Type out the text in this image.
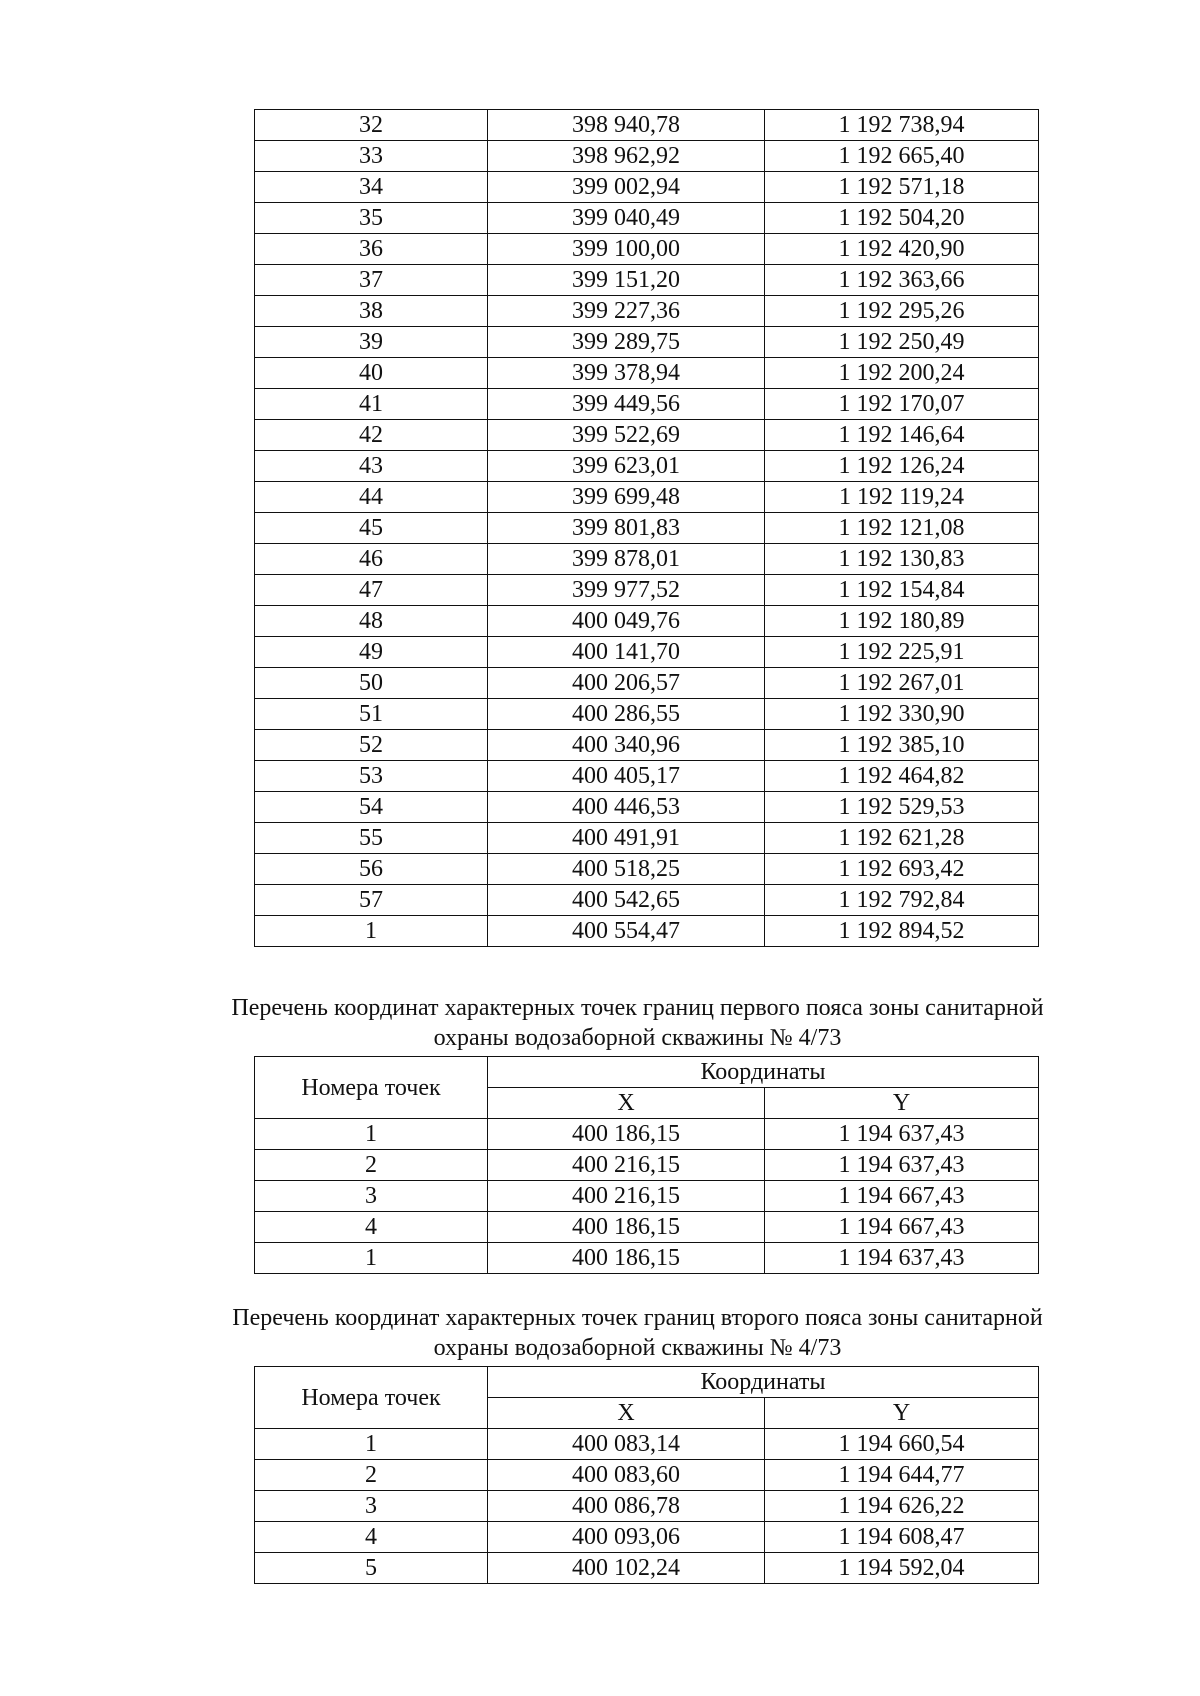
32	398 940,78	1 192 738,94
33	398 962,92	1 192 665,40
34	399 002,94	1 192 571,18
35	399 040,49	1 192 504,20
36	399 100,00	1 192 420,90
37	399 151,20	1 192 363,66
38	399 227,36	1 192 295,26
39	399 289,75	1 192 250,49
40	399 378,94	1 192 200,24
41	399 449,56	1 192 170,07
42	399 522,69	1 192 146,64
43	399 623,01	1 192 126,24
44	399 699,48	1 192 119,24
45	399 801,83	1 192 121,08
46	399 878,01	1 192 130,83
47	399 977,52	1 192 154,84
48	400 049,76	1 192 180,89
49	400 141,70	1 192 225,91
50	400 206,57	1 192 267,01
51	400 286,55	1 192 330,90
52	400 340,96	1 192 385,10
53	400 405,17	1 192 464,82
54	400 446,53	1 192 529,53
55	400 491,91	1 192 621,28
56	400 518,25	1 192 693,42
57	400 542,65	1 192 792,84
1	400 554,47	1 192 894,52
Перечень координат характерных точек границ первого пояса зоны санитарной
охраны водозаборной скважины № 4/73
Номера точек	Координаты	
	X	Y
1	400 186,15	1 194 637,43
2	400 216,15	1 194 637,43
3	400 216,15	1 194 667,43
4	400 186,15	1 194 667,43
1	400 186,15	1 194 637,43
Перечень координат характерных точек границ второго пояса зоны санитарной
охраны водозаборной скважины № 4/73
Номера точек	Координаты	
	X	Y
1	400 083,14	1 194 660,54
2	400 083,60	1 194 644,77
3	400 086,78	1 194 626,22
4	400 093,06	1 194 608,47
5	400 102,24	1 194 592,04
